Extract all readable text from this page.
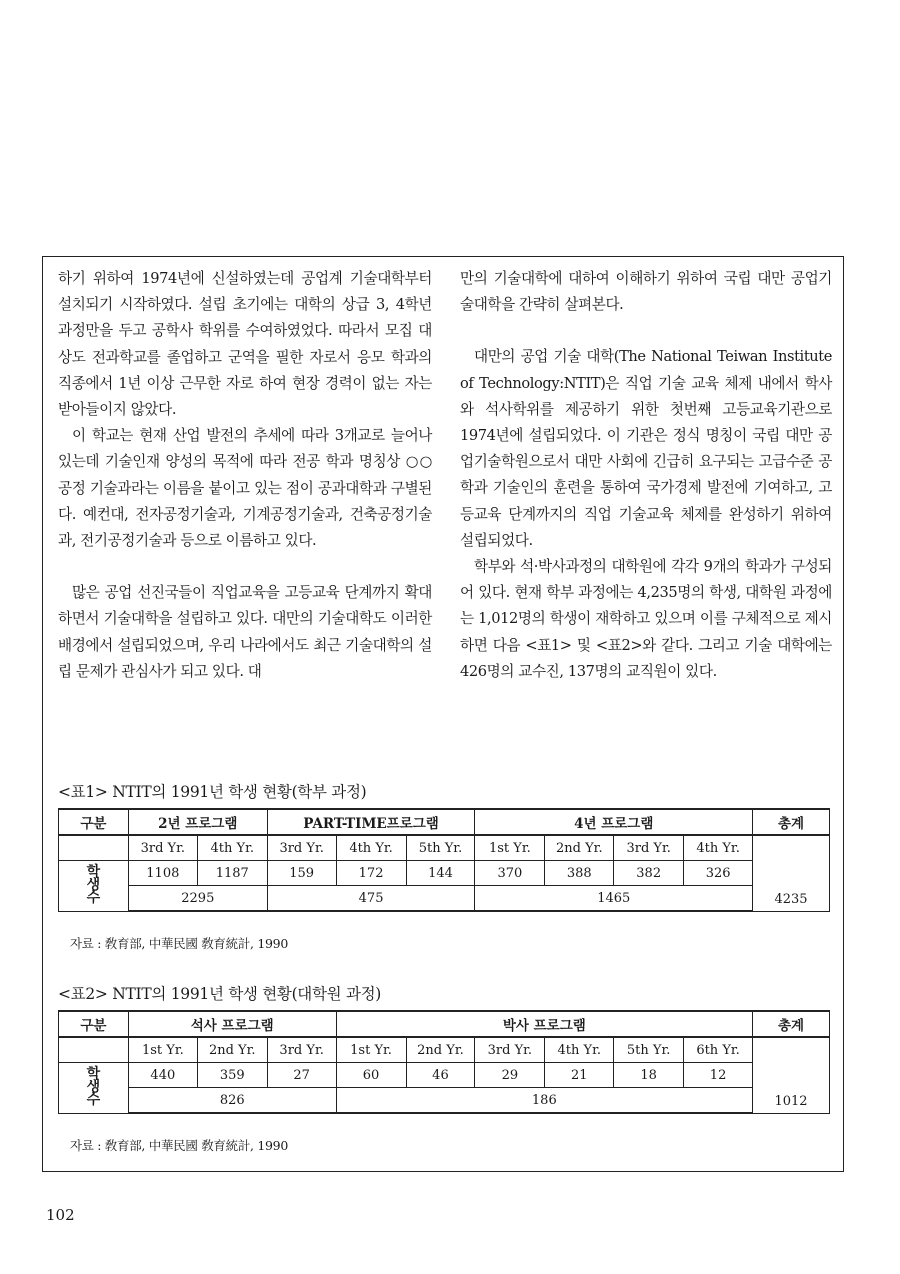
하기 위하여 1974년에 신설하였는데 공업계 기술대학부터 설치되기 시작하였다. 설립 초기에는 대학의 상급 3, 4학년 과정만을 두고 공학사 학위를 수여하였었다. 따라서 모집 대상도 전과학교를 졸업하고 군역을 필한 자로서 응모 학과의 직종에서 1년 이상 근무한 자로 하여 현장 경력이 없는 자는 받아들이지 않았다.

이 학교는 현재 산업 발전의 추세에 따라 3개교로 늘어나 있는데 기술인재 양성의 목적에 따라 전공 학과 명칭상 ○○ 공정 기술과라는 이름을 붙이고 있는 점이 공과대학과 구별된다. 예컨대, 전자공정기술과, 기계공정기술과, 건축공정기술과, 전기공정기술과 등으로 이름하고 있다.

많은 공업 선진국들이 직업교육을 고등교육 단계까지 확대하면서 기술대학을 설립하고 있다. 대만의 기술대학도 이러한 배경에서 설립되었으며, 우리 나라에서도 최근 기술대학의 설립 문제가 관심사가 되고 있다. 대

만의 기술대학에 대하여 이해하기 위하여 국립 대만 공업기술대학을 간략히 살펴본다.

대만의 공업 기술 대학(The National Teiwan Institute of Technology:NTIT)은 직업 기술 교육 체제 내에서 학사와 석사학위를 제공하기 위한 첫번째 고등교육기관으로 1974년에 설립되었다. 이 기관은 정식 명칭이 국립 대만 공업기술학원으로서 대만 사회에 긴급히 요구되는 고급수준 공학과 기술인의 훈련을 통하여 국가경제 발전에 기여하고, 고등교육 단계까지의 직업 기술교육 체제를 완성하기 위하여 설립되었다.

학부와 석·박사과정의 대학원에 각각 9개의 학과가 구성되어 있다. 현재 학부 과정에는 4,235명의 학생, 대학원 과정에는 1,012명의 학생이 재학하고 있으며 이를 구체적으로 제시하면 다음 <표1> 및 <표2>와 같다. 그리고 기술 대학에는 426명의 교수진, 137명의 교직원이 있다.

<표1> NTIT의 1991년 학생 현황(학부 과정)
구분	2년 프로그램		PART-TIME프로그램			4년 프로그램				총계
	3rd Yr.	4th Yr.	3rd Yr.	4th Yr.	5th Yr.	1st Yr.	2nd Yr.	3rd Yr.	4th Yr.	4235
학
생
수	1108	1187	159	172	144	370	388	382	326	
	2295		475			1465				
자료 : 敎育部, 中華民國 敎育統計, 1990
<표2> NTIT의 1991년 학생 현황(대학원 과정)
구분	석사 프로그램			박사 프로그램						총계
	1st Yr.	2nd Yr.	3rd Yr.	1st Yr.	2nd Yr.	3rd Yr.	4th Yr.	5th Yr.	6th Yr.	1012
학
생
수	440	359	27	60	46	29	21	18	12	
	826			186						
자료 : 敎育部, 中華民國 敎育統計, 1990
102
